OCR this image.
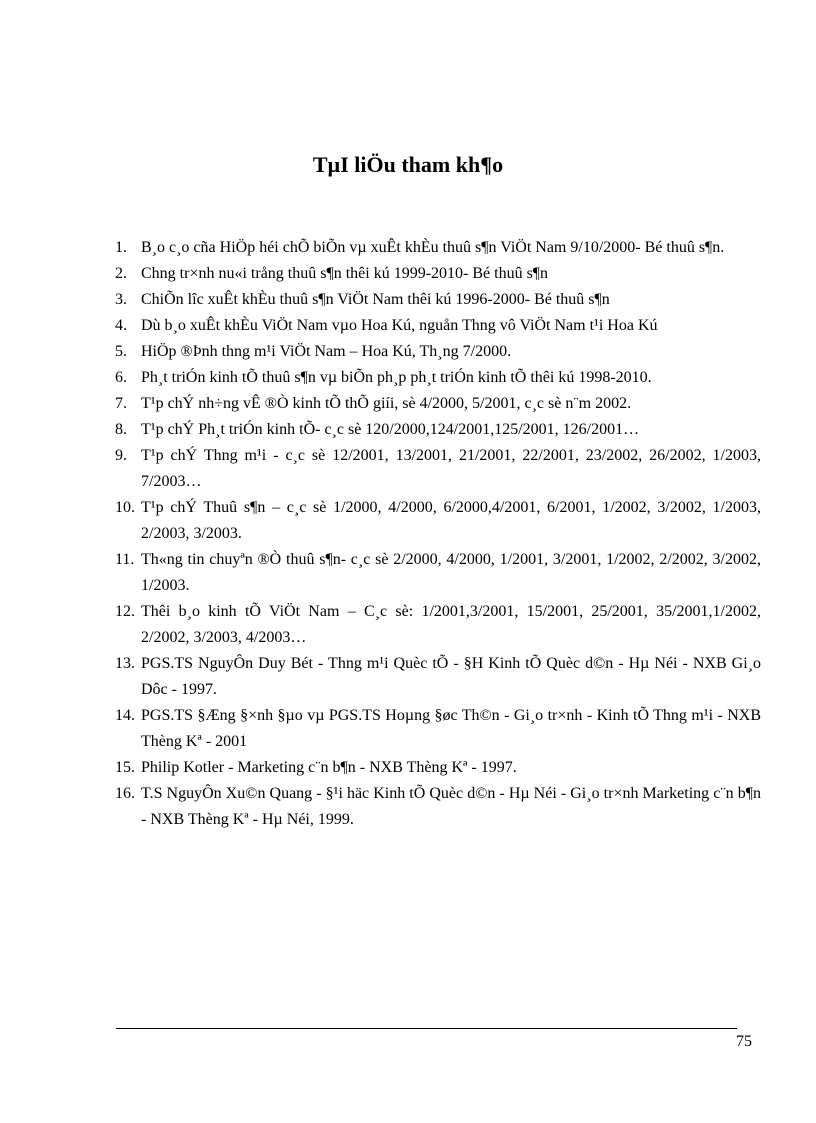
TµI liÖu tham kh¶o
1. B¸o c¸o cña HiÖp héi chÕ biÕn vµ xuÊt khÈu thuû s¶n ViÖt Nam 9/10/2000- Bé thuû s¶n.
2. Chng tr×nh nu«i trång thuû s¶n thêi kú 1999-2010- Bé thuû s¶n
3. ChiÕn lîc xuÊt khÈu thuû s¶n ViÖt Nam thêi kú 1996-2000- Bé thuû s¶n
4. Dù b¸o xuÊt khÈu ViÖt Nam vµo Hoa Kú, nguån Thng vô ViÖt Nam t¹i Hoa Kú
5. HiÖp ®Þnh thng m¹i ViÖt Nam – Hoa Kú, Th¸ng 7/2000.
6. Ph¸t triÓn kinh tÕ thuû s¶n vµ biÕn ph¸p ph¸t triÓn kinh tÕ thêi kú 1998-2010.
7. T¹p chÝ nh÷ng vÊ ®Ò kinh tÕ thÕ giíi, sè 4/2000, 5/2001, c¸c sè n¨m 2002.
8. T¹p chÝ Ph¸t triÓn kinh tÕ- c¸c sè 120/2000,124/2001,125/2001, 126/2001…
9. T¹p chÝ Thng m¹i - c¸c sè 12/2001, 13/2001, 21/2001, 22/2001, 23/2002, 26/2002, 1/2003, 7/2003…
10. T¹p chÝ Thuû s¶n – c¸c sè 1/2000, 4/2000, 6/2000,4/2001, 6/2001, 1/2002, 3/2002, 1/2003, 2/2003, 3/2003.
11. Th«ng tin chuyªn ®Ò thuû s¶n- c¸c sè 2/2000, 4/2000, 1/2001, 3/2001, 1/2002, 2/2002, 3/2002, 1/2003.
12. Thêi b¸o kinh tÕ ViÖt Nam – C¸c sè: 1/2001,3/2001, 15/2001, 25/2001, 35/2001,1/2002, 2/2002, 3/2003, 4/2003…
13. PGS.TS NguyÔn Duy Bét - Thng m¹i Quèc tÕ - §H Kinh tÕ Quèc d©n - Hµ Néi - NXB Gi¸o Dôc - 1997.
14. PGS.TS §Æng §×nh §µo vµ PGS.TS Hoµng §øc Th©n - Gi¸o tr×nh - Kinh tÕ Thng m¹i - NXB Thèng Kª - 2001
15. Philip Kotler - Marketing c¨n b¶n - NXB Thèng Kª - 1997.
16. T.S NguyÔn Xu©n Quang - §¹i häc Kinh tÕ Quèc d©n - Hµ Néi - Gi¸o tr×nh Marketing c¨n b¶n - NXB Thèng Kª - Hµ Néi, 1999.
75
